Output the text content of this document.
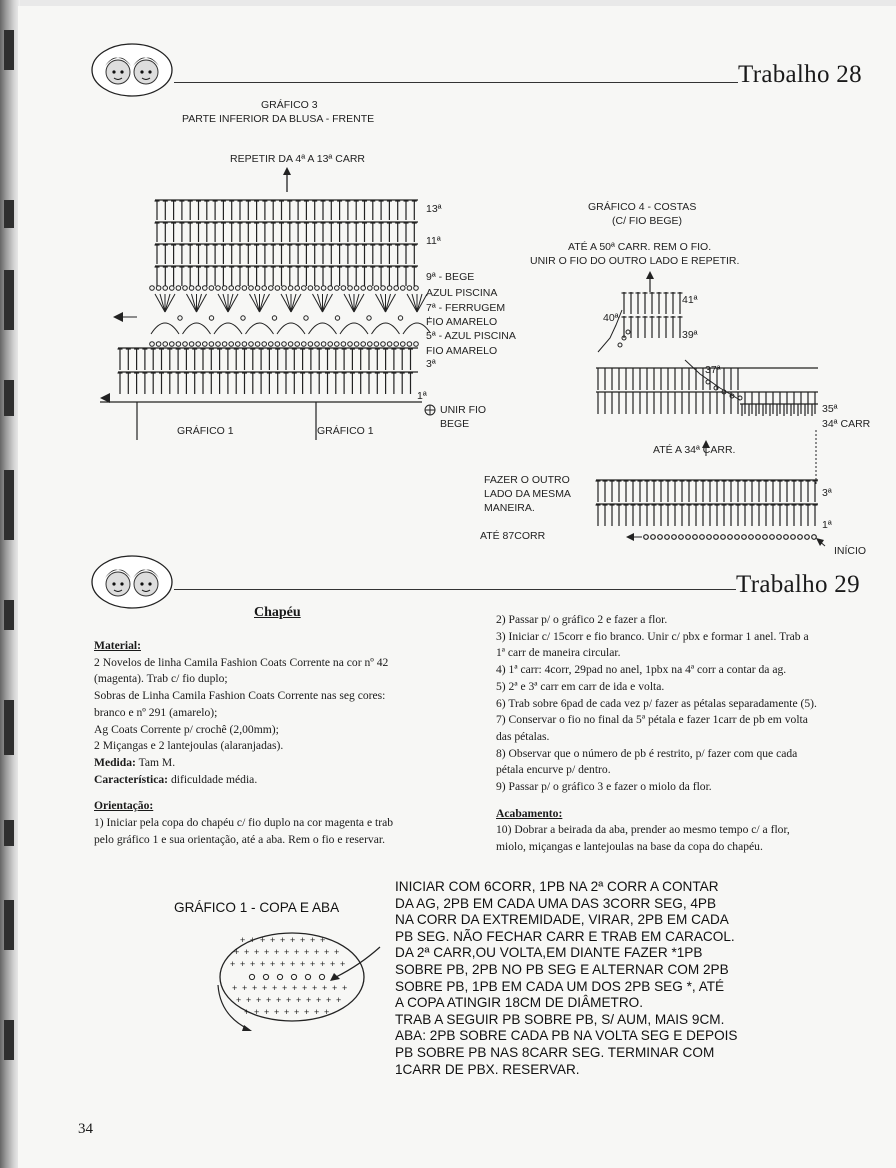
Trabalho 28
GRÁFICO 3
PARTE INFERIOR DA BLUSA - FRENTE
REPETIR DA 4ª A 13ª CARR
13ª
11ª
9ª - BEGE
AZUL PISCINA
7ª - FERRUGEM
FIO AMARELO
5ª - AZUL PISCINA
FIO AMARELO
3ª
1ª
UNIR FIO
BEGE
GRÁFICO 1	GRÁFICO 1
GRÁFICO 4 - COSTAS
(C/ FIO BEGE)
ATÉ A 50ª CARR. REM O FIO.
UNIR O FIO DO OUTRO LADO E REPETIR.
41ª
40ª
39ª
37ª
35ª
34ª CARR
3ª
1ª
ATÉ A 34ª CARR.
FAZER O OUTRO
LADO DA MESMA
MANEIRA.
ATÉ 87CORR
INÍCIO
Trabalho 29
Chapéu

Material:

2 Novelos de linha Camila Fashion Coats Corrente na cor nº 42

(magenta). Trab c/ fio duplo;

Sobras de Linha Camila Fashion Coats Corrente nas seg cores:

branco e nº 291 (amarelo);

Ag Coats Corrente p/ crochê (2,00mm);

2 Miçangas e 2 lantejoulas (alaranjadas).

Medida: Tam M.

Característica: dificuldade média.

Orientação:

1) Iniciar pela copa do chapéu c/ fio duplo na cor magenta e trab

pelo gráfico 1 e sua orientação, até a aba. Rem o fio e reservar.

2) Passar p/ o gráfico 2 e fazer a flor.

3) Iniciar c/ 15corr e fio branco. Unir c/ pbx e formar 1 anel. Trab a

1ª carr de maneira circular.

4) 1ª carr: 4corr, 29pad no anel, 1pbx na 4ª corr a contar da ag.

5) 2ª e 3ª carr em carr de ida e volta.

6) Trab sobre 6pad de cada vez p/ fazer as pétalas separadamente (5).

7) Conservar o fio no final da 5ª pétala e fazer 1carr de pb em volta

das pétalas.

8) Observar que o número de pb é restrito, p/ fazer com que cada

pétala encurve p/ dentro.

9) Passar p/ o gráfico 3 e fazer o miolo da flor.

Acabamento:

10) Dobrar a beirada da aba, prender ao mesmo tempo c/ a flor,

miolo, miçangas e lantejoulas na base da copa do chapéu.

GRÁFICO 1 - COPA E ABA
+ + + + + + + + +
+ + + + + + + + + + +
+ + + + + + + + + + + +
+ + + + + + + + + + + +
+ + + + + + + + + + +
+ + + + + + + + +
INICIAR COM 6CORR, 1PB NA 2ª CORR A CONTAR
DA AG, 2PB EM CADA UMA DAS 3CORR SEG, 4PB
NA CORR DA EXTREMIDADE, VIRAR, 2PB EM CADA
PB SEG. NÃO FECHAR CARR E TRAB EM CARACOL.
DA 2ª CARR,OU VOLTA,EM DIANTE FAZER *1PB
SOBRE PB, 2PB NO PB SEG E ALTERNAR COM 2PB
SOBRE PB, 1PB EM CADA UM DOS 2PB SEG *, ATÉ
A COPA ATINGIR 18CM DE DIÂMETRO.
TRAB A SEGUIR PB SOBRE PB, S/ AUM, MAIS 9CM.
ABA: 2PB SOBRE CADA PB NA VOLTA SEG E DEPOIS
PB SOBRE PB NAS 8CARR SEG. TERMINAR COM
1CARR DE PBX. RESERVAR.
34
